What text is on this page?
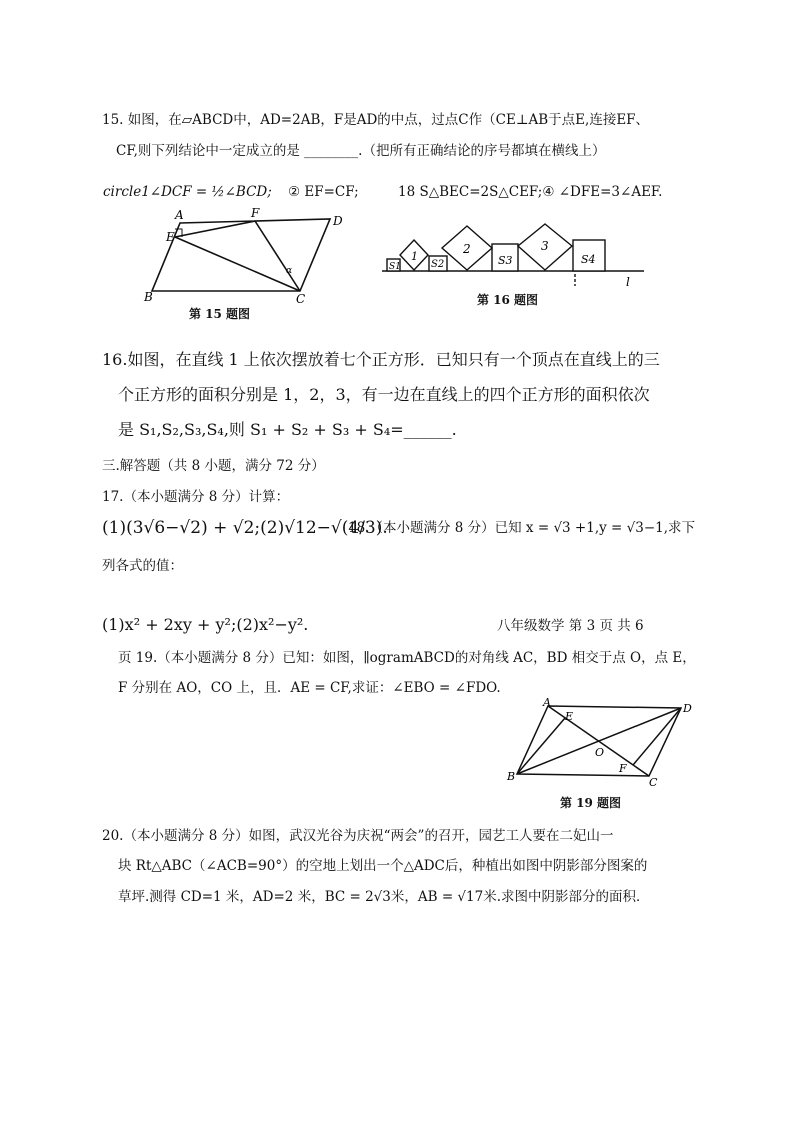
15. 如图，在▱ABCD中，AD=2AB，F是AD的中点，过点C作（CE⊥AB于点E,连接EF、
CF,则下列结论中一定成立的是 ________.（把所有正确结论的序号都填在横线上）
circle1∠DCF = ½∠BCD; ② EF=CF;	18 S△BEC=2S△CEF;④ ∠DFE=3∠AEF.
A
E
F
D
B	C
α
第 15 题图
S1	S2	S3	S4
1
2	3
l
第 16 题图
16.如图，在直线 1 上依次摆放着七个正方形．已知只有一个顶点在直线上的三
个正方形的面积分别是 1，2，3，有一边在直线上的四个正方形的面积依次
是 S₁,S₂,S₃,S₄,则 S₁ + S₂ + S₃ + S₄=______.
三.解答题（共 8 小题，满分 72 分）
17.（本小题满分 8 分）计算：
(1)(3√6−√2) + √2;(2)√12−√(4/3).
18.（本小题满分 8 分）已知 x = √3 +1,y = √3−1,求下
列各式的值：
(1)x² + 2xy + y²;(2)x²−y².	八年级数学 第 3 页 共 6
页 19.（本小题满分 8 分）已知：如图，∥ogramABCD的对角线 AC，BD 相交于点 O，点 E，
F 分别在 AO，CO 上，且．AE = CF,求证：∠EBO = ∠FDO.
A
E
D
O
F
B	C
第 19 题图
20.（本小题满分 8 分）如图，武汉光谷为庆祝“两会”的召开，园艺工人要在二妃山一
块 Rt△ABC（∠ACB=90°）的空地上划出一个△ADC后，种植出如图中阴影部分图案的
草坪.测得 CD=1 米，AD=2 米，BC = 2√3米，AB = √17米.求图中阴影部分的面积．
